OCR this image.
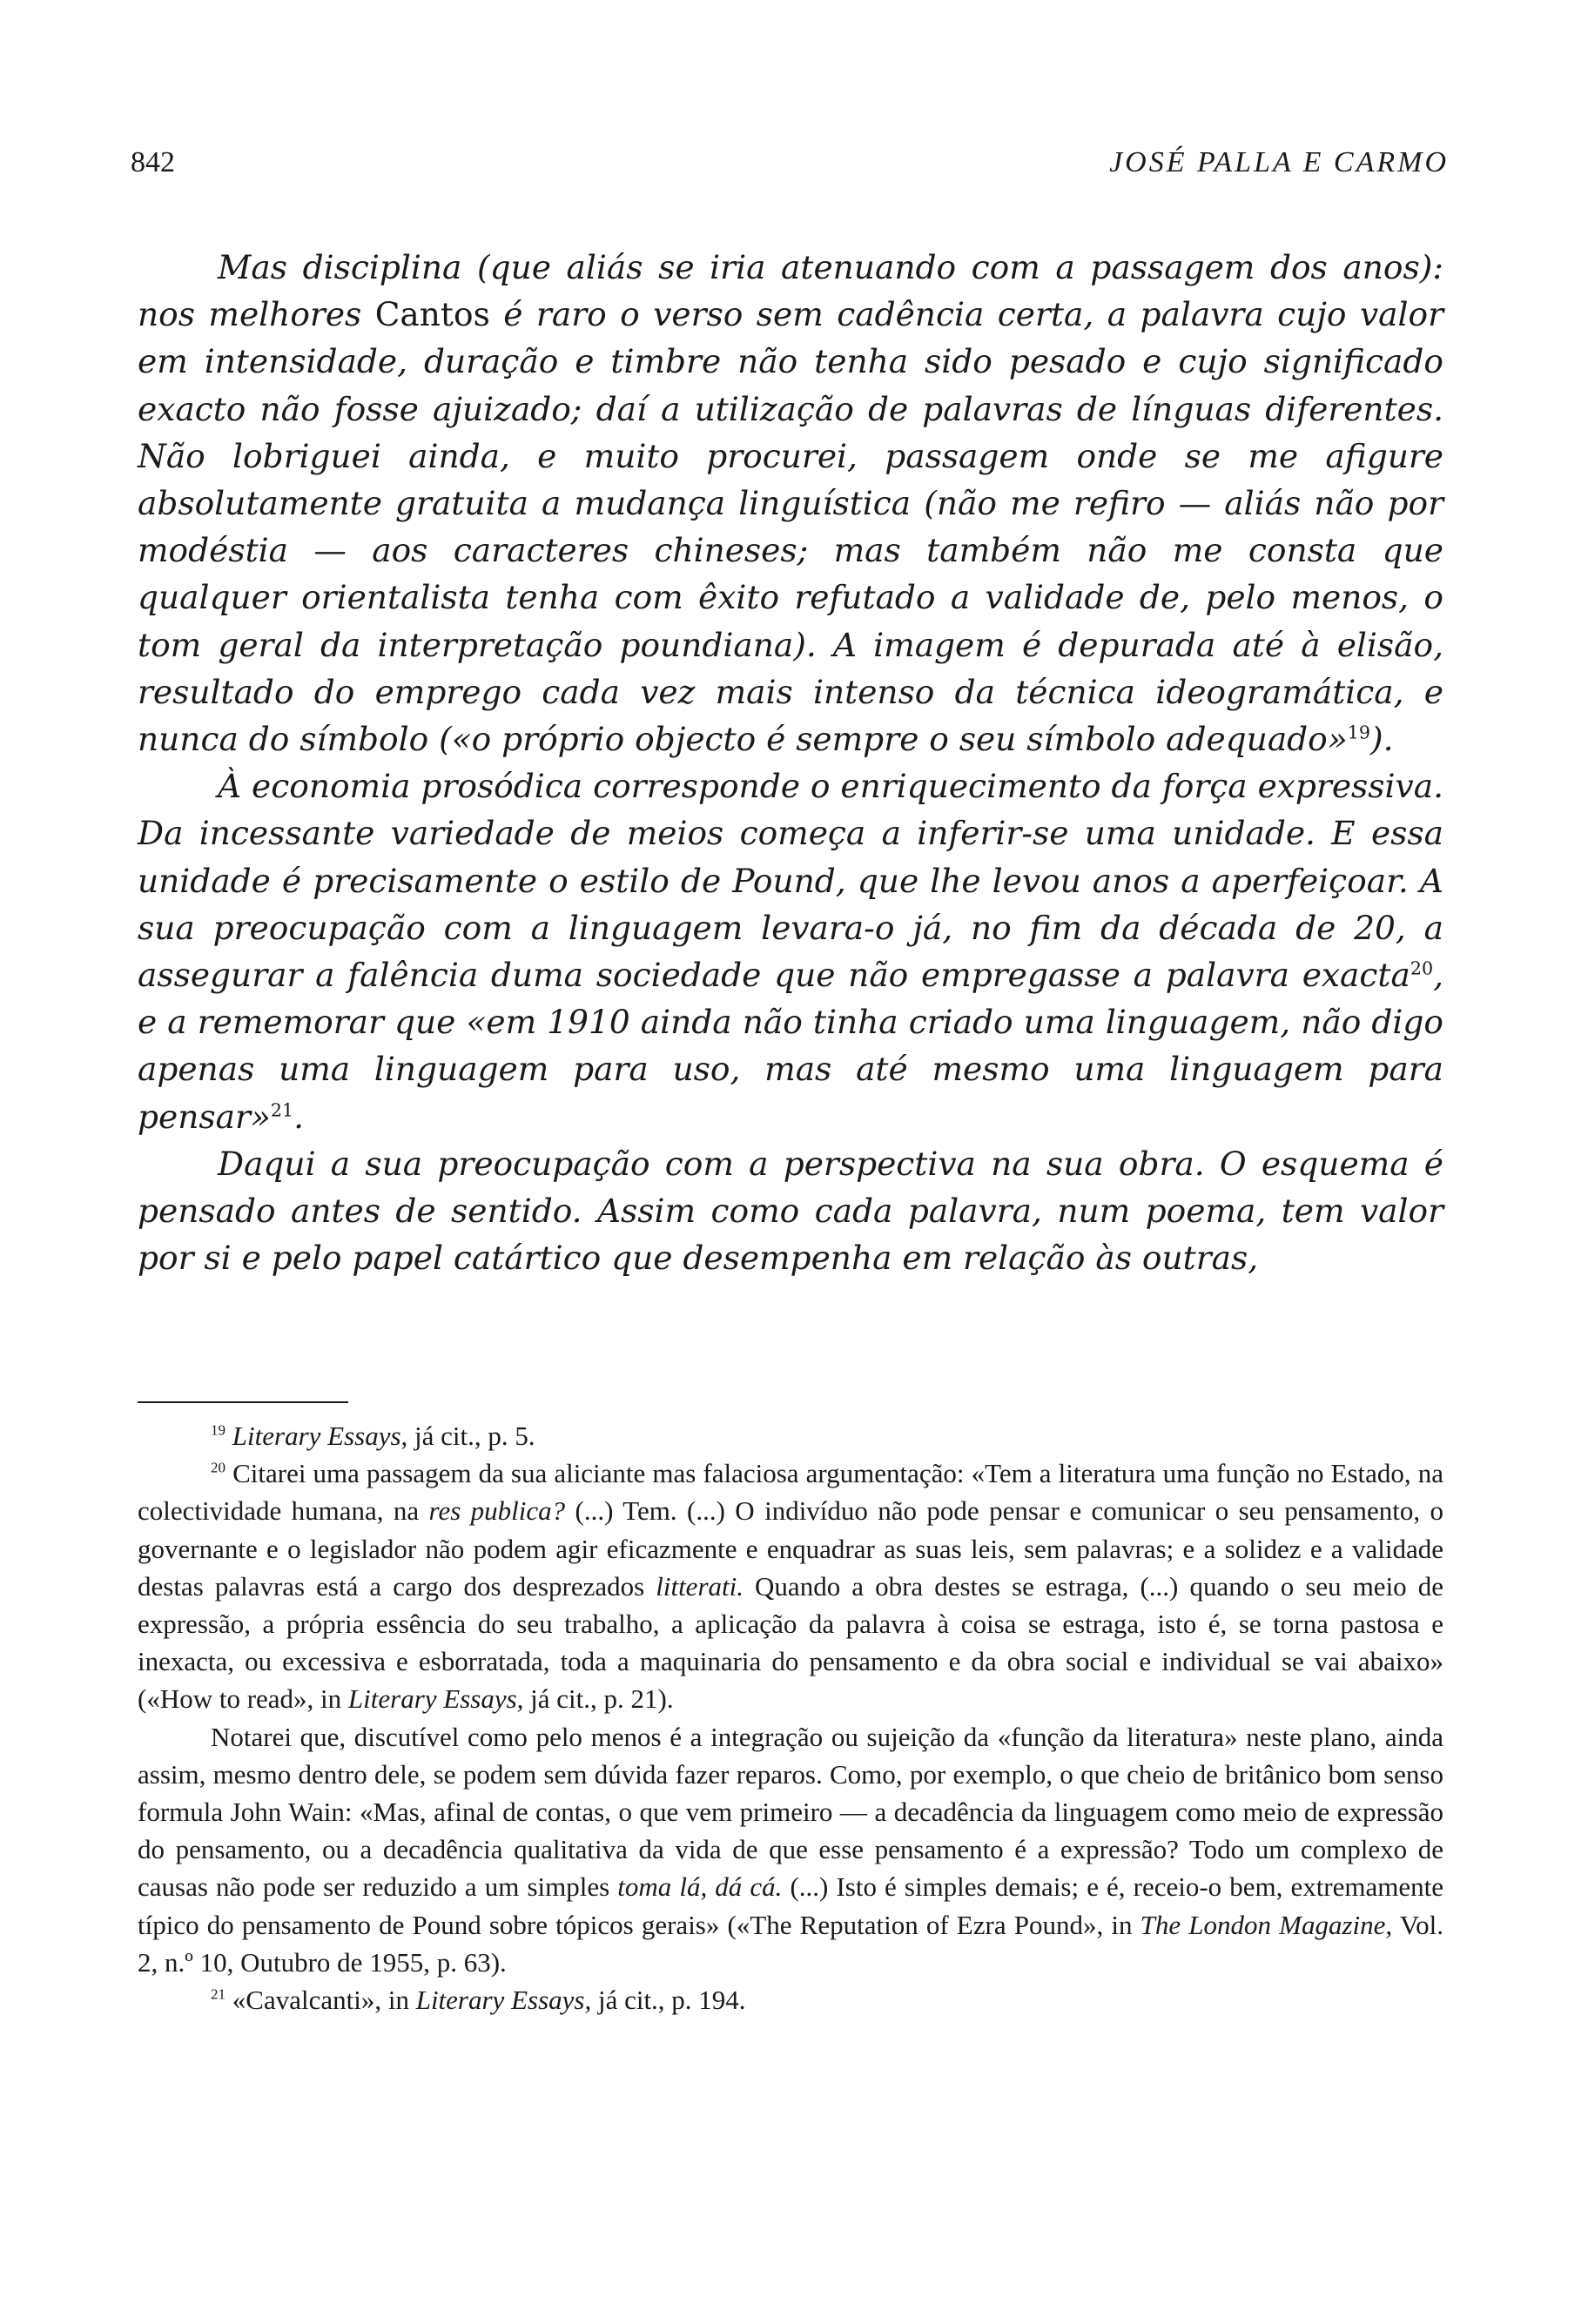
842	JOSÉ PALLA E CARMO

Mas disciplina (que aliás se iria atenuando com a passagem dos anos): nos melhores Cantos é raro o verso sem cadência certa, a palavra cujo valor em intensidade, duração e timbre não tenha sido pesado e cujo significado exacto não fosse ajuizado; daí a utilização de palavras de línguas diferentes. Não lobriguei ainda, e muito procurei, passagem onde se me afigure absolutamente gratuita a mudança linguística (não me refiro — aliás não por modéstia — aos caracteres chineses; mas também não me consta que qualquer orientalista tenha com êxito refutado a validade de, pelo menos, o tom geral da interpretação poundiana). A imagem é depurada até à elisão, resultado do emprego cada vez mais intenso da técnica ideogramática, e nunca do símbolo («o próprio objecto é sempre o seu símbolo adequado»$^{19}$).

À economia prosódica corresponde o enriquecimento da força expressiva. Da incessante variedade de meios começa a inferir-se uma unidade. E essa unidade é precisamente o estilo de Pound, que lhe levou anos a aperfeiçoar. A sua preocupação com a linguagem levara-o já, no fim da década de 20, a assegurar a falência duma sociedade que não empregasse a palavra exacta$^{20}$, e a rememorar que «em 1910 ainda não tinha criado uma linguagem, não digo apenas uma linguagem para uso, mas até mesmo uma linguagem para pensar»$^{21}$.

Daqui a sua preocupação com a perspectiva na sua obra. O esquema é pensado antes de sentido. Assim como cada palavra, num poema, tem valor por si e pelo papel catártico que desempenha em relação às outras,

$^{19}$ Literary Essays, já cit., p. 5.

$^{20}$ Citarei uma passagem da sua aliciante mas falaciosa argumentação: «Tem a literatura uma função no Estado, na colectividade humana, na res publica? (...) Tem. (...) O indivíduo não pode pensar e comunicar o seu pensamento, o governante e o legislador não podem agir eficazmente e enquadrar as suas leis, sem palavras; e a solidez e a validade destas palavras está a cargo dos desprezados litterati. Quando a obra destes se estraga, (...) quando o seu meio de expressão, a própria essência do seu trabalho, a aplicação da palavra à coisa se estraga, isto é, se torna pastosa e inexacta, ou excessiva e esborratada, toda a maquinaria do pensamento e da obra social e individual se vai abaixo» («How to read», in Literary Essays, já cit., p. 21).

Notarei que, discutível como pelo menos é a integração ou sujeição da «função da literatura» neste plano, ainda assim, mesmo dentro dele, se podem sem dúvida fazer reparos. Como, por exemplo, o que cheio de britânico bom senso formula John Wain: «Mas, afinal de contas, o que vem primeiro — a decadência da linguagem como meio de expressão do pensamento, ou a decadência qualitativa da vida de que esse pensamento é a expressão? Todo um complexo de causas não pode ser reduzido a um simples toma lá, dá cá. (...) Isto é simples demais; e é, receio-o bem, extremamente típico do pensamento de Pound sobre tópicos gerais» («The Reputation of Ezra Pound», in The London Magazine, Vol. 2, n.º 10, Outubro de 1955, p. 63).

$^{21}$ «Cavalcanti», in Literary Essays, já cit., p. 194.
